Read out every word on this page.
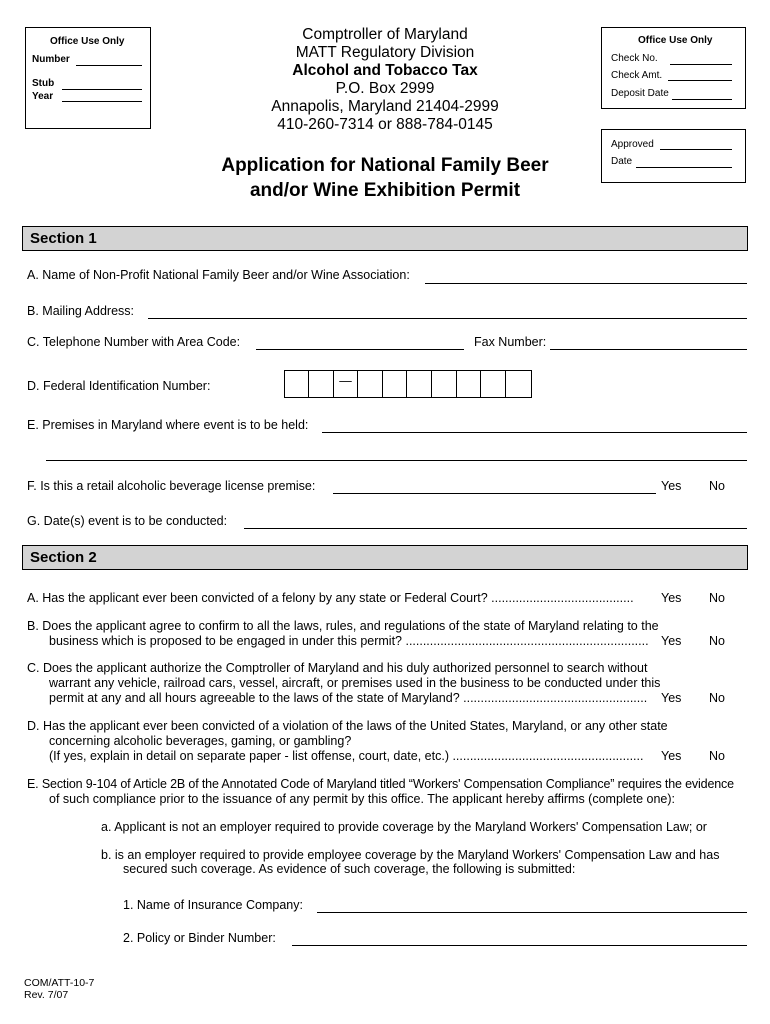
Office Use Only
Number
Stub
Year
Comptroller of Maryland
MATT Regulatory Division
Alcohol and Tobacco Tax
P.O. Box 2999
Annapolis, Maryland 21404-2999
410-260-7314 or 888-784-0145
Office Use Only
Check No.
Check Amt.
Deposit Date
Approved
Date
Application for National Family Beer
and/or Wine Exhibition Permit
Section 1
A. Name of Non-Profit National Family Beer and/or Wine Association:
B. Mailing Address:
C. Telephone Number with Area Code:	Fax Number:
D. Federal Identification Number:	—
E. Premises in Maryland where event is to be held:
F. Is this a retail alcoholic beverage license premise:	Yes No
G. Date(s) event is to be conducted:
Section 2
A. Has the applicant ever been convicted of a felony by any state or Federal Court? ......................................... Yes No
B. Does the applicant agree to confirm to all the laws, rules, and regulations of the state of Maryland relating to the
business which is proposed to be engaged in under this permit? ...................................................................... Yes No
C. Does the applicant authorize the Comptroller of Maryland and his duly authorized personnel to search without
warrant any vehicle, railroad cars, vessel, aircraft, or premises used in the business to be conducted under this
permit at any and all hours agreeable to the laws of the state of Maryland? ..................................................... Yes No
D. Has the applicant ever been convicted of a violation of the laws of the United States, Maryland, or any other state
concerning alcoholic beverages, gaming, or gambling?
(If yes, explain in detail on separate paper - list offense, court, date, etc.) ....................................................... Yes No
E. Section 9-104 of Article 2B of the Annotated Code of Maryland titled “Workers' Compensation Compliance” requires the evidence
of such compliance prior to the issuance of any permit by this office. The applicant hereby affirms (complete one):
a. Applicant is not an employer required to provide coverage by the Maryland Workers' Compensation Law; or
b. is an employer required to provide employee coverage by the Maryland Workers' Compensation Law and has
secured such coverage. As evidence of such coverage, the following is submitted:
1. Name of Insurance Company:
2. Policy or Binder Number:
COM/ATT-10-7
Rev. 7/07
